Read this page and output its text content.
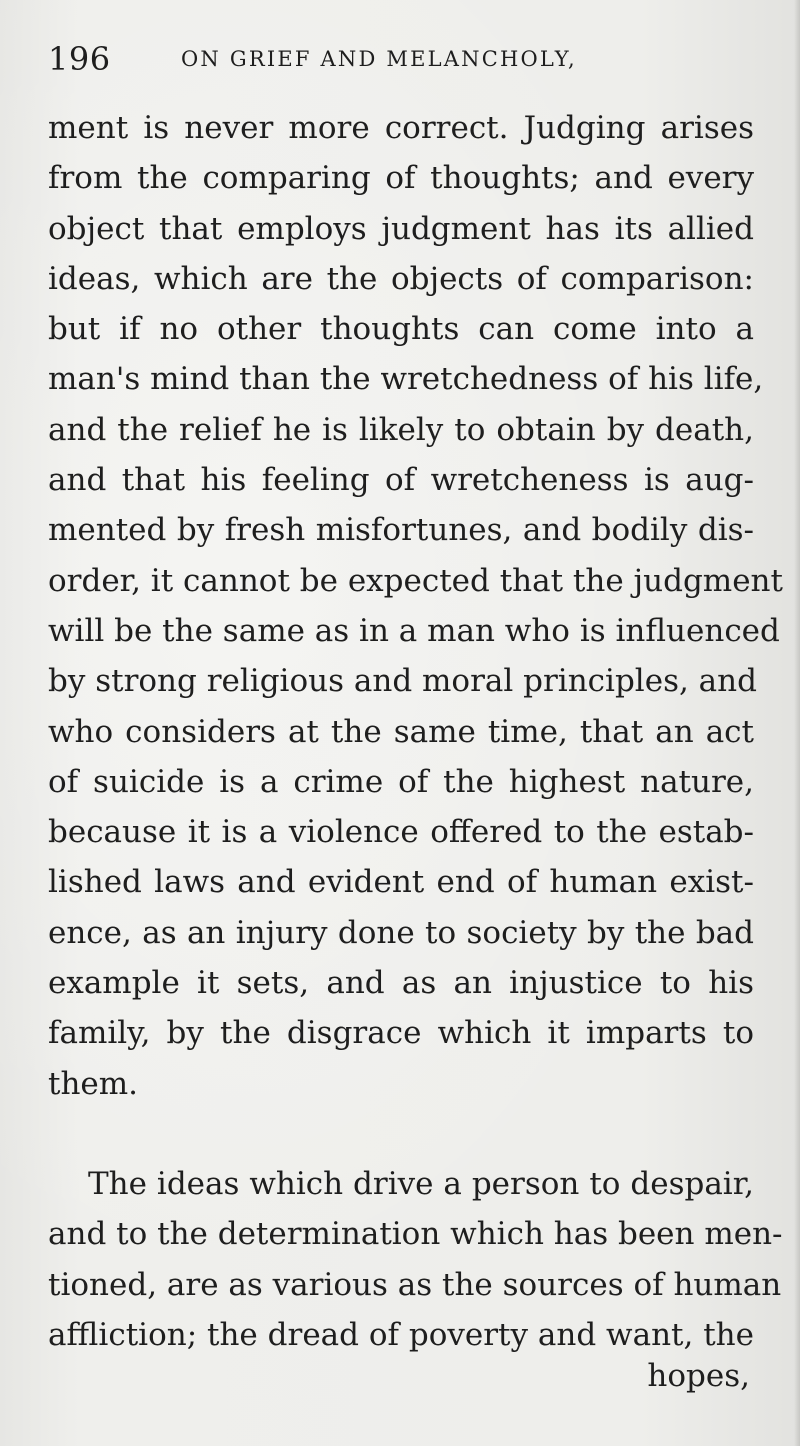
196	ON GRIEF AND MELANCHOLY,
ment is never more correct. Judging arises
from the comparing of thoughts; and every
object that employs judgment has its allied
ideas, which are the objects of comparison:
but if no other thoughts can come into a
man's mind than the wretchedness of his life,
and the relief he is likely to obtain by death,
and that his feeling of wretcheness is aug-
mented by fresh misfortunes, and bodily dis-
order, it cannot be expected that the judgment
will be the same as in a man who is influenced
by strong religious and moral principles, and
who considers at the same time, that an act
of suicide is a crime of the highest nature,
because it is a violence offered to the estab-
lished laws and evident end of human exist-
ence, as an injury done to society by the bad
example it sets, and as an injustice to his
family, by the disgrace which it imparts to
them.
The ideas which drive a person to despair,
and to the determination which has been men-
tioned, are as various as the sources of human
affliction; the dread of poverty and want, the
hopes,
